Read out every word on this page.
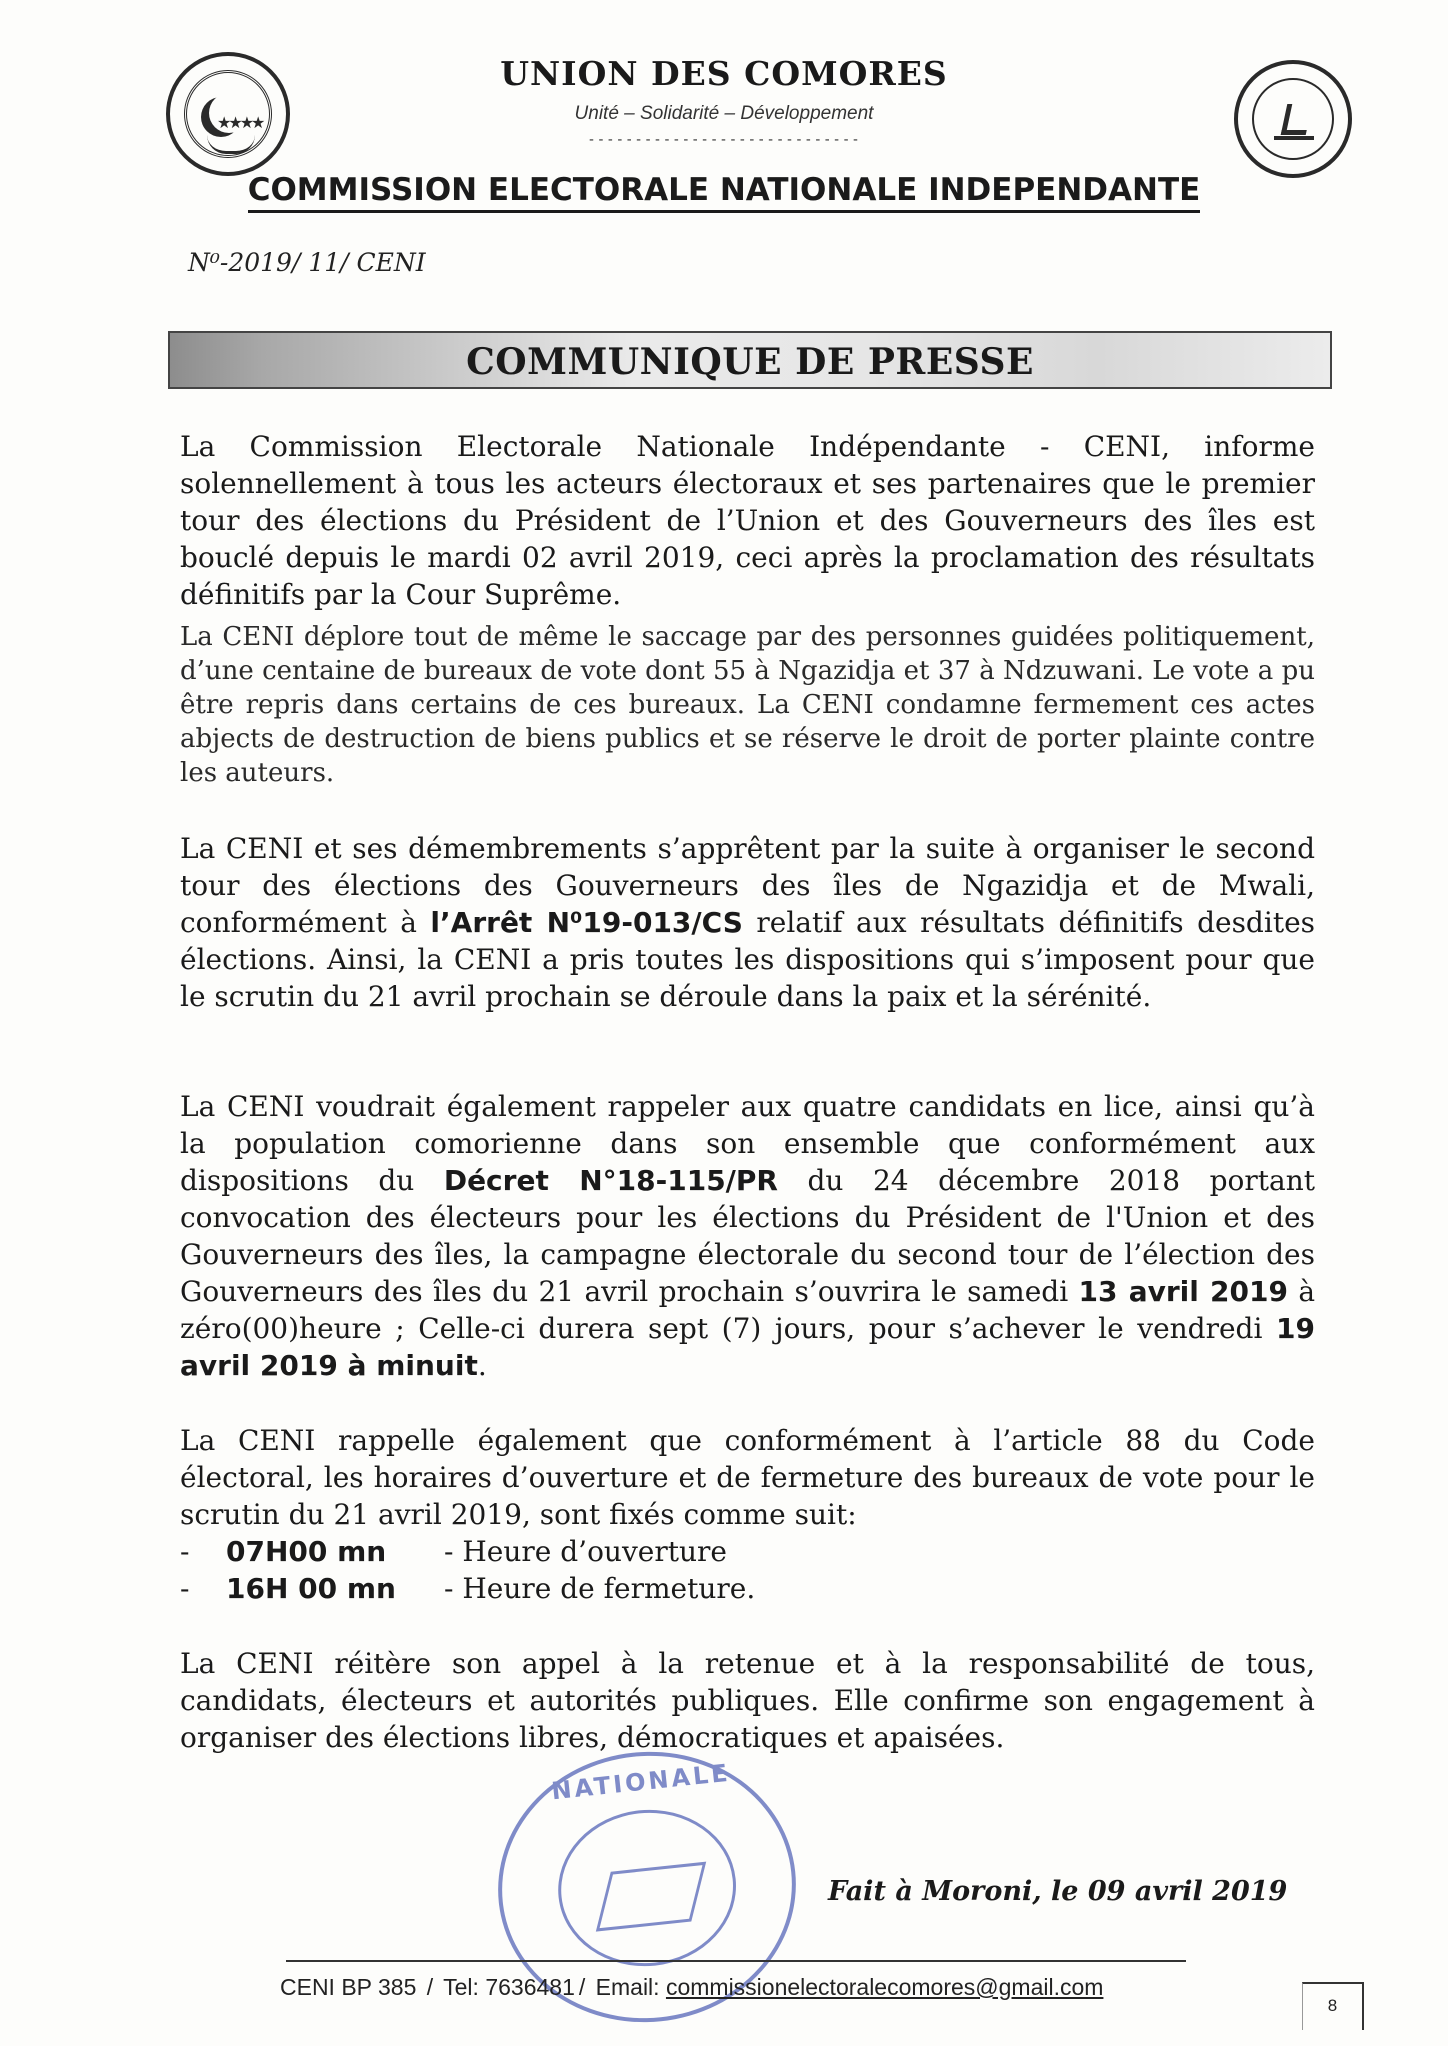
★★★★
UNION DES COMORES
Unité – Solidarité – Développement
-----------------------------
COMMISSION ELECTORALE NATIONALE INDEPENDANTE
N⁰-2019/ 11/ CENI
COMMUNIQUE DE PRESSE

La Commission Electorale Nationale Indépendante - CENI, informe solennellement à tous les acteurs électoraux et ses partenaires que le premier tour des élections du Président de l’Union et des Gouverneurs des îles est bouclé depuis le mardi 02 avril 2019, ceci après la proclamation des résultats définitifs par la Cour Suprême.

La CENI déplore tout de même le saccage par des personnes guidées politiquement, d’une centaine de bureaux de vote dont 55 à Ngazidja et 37 à Ndzuwani. Le vote a pu être repris dans certains de ces bureaux. La CENI condamne fermement ces actes abjects de destruction de biens publics et se réserve le droit de porter plainte contre les auteurs.

La CENI et ses démembrements s’apprêtent par la suite à organiser le second tour des élections des Gouverneurs des îles de Ngazidja et de Mwali, conformément à l’Arrêt N⁰19-013/CS relatif aux résultats définitifs desdites élections. Ainsi, la CENI a pris toutes les dispositions qui s’imposent pour que le scrutin du 21 avril prochain se déroule dans la paix et la sérénité.

La CENI voudrait également rappeler aux quatre candidats en lice, ainsi qu’à la population comorienne dans son ensemble que conformément aux dispositions du Décret N°18-115/PR du 24 décembre 2018 portant convocation des électeurs pour les élections du Président de l'Union et des Gouverneurs des îles, la campagne électorale du second tour de l’élection des Gouverneurs des îles du 21 avril prochain s’ouvrira le samedi 13 avril 2019 à zéro(00)heure ; Celle-ci durera sept (7) jours, pour s’achever le vendredi 19 avril 2019 à minuit.

La CENI rappelle également que conformément à l’article 88 du Code électoral, les horaires d’ouverture et de fermeture des bureaux de vote pour le scrutin du 21 avril 2019, sont fixés comme suit:

- 07H00 mn - Heure d’ouverture
- 16H 00 mn - Heure de fermeture.

La CENI réitère son appel à la retenue et à la responsabilité de tous, candidats, électeurs et autorités publiques. Elle confirme son engagement à organiser des élections libres, démocratiques et apaisées.

NATIONALE
Fait à Moroni, le 09 avril 2019
CENI BP 385 / Tel: 7636481 / Email: commissionelectoralecomores@gmail.com
8
